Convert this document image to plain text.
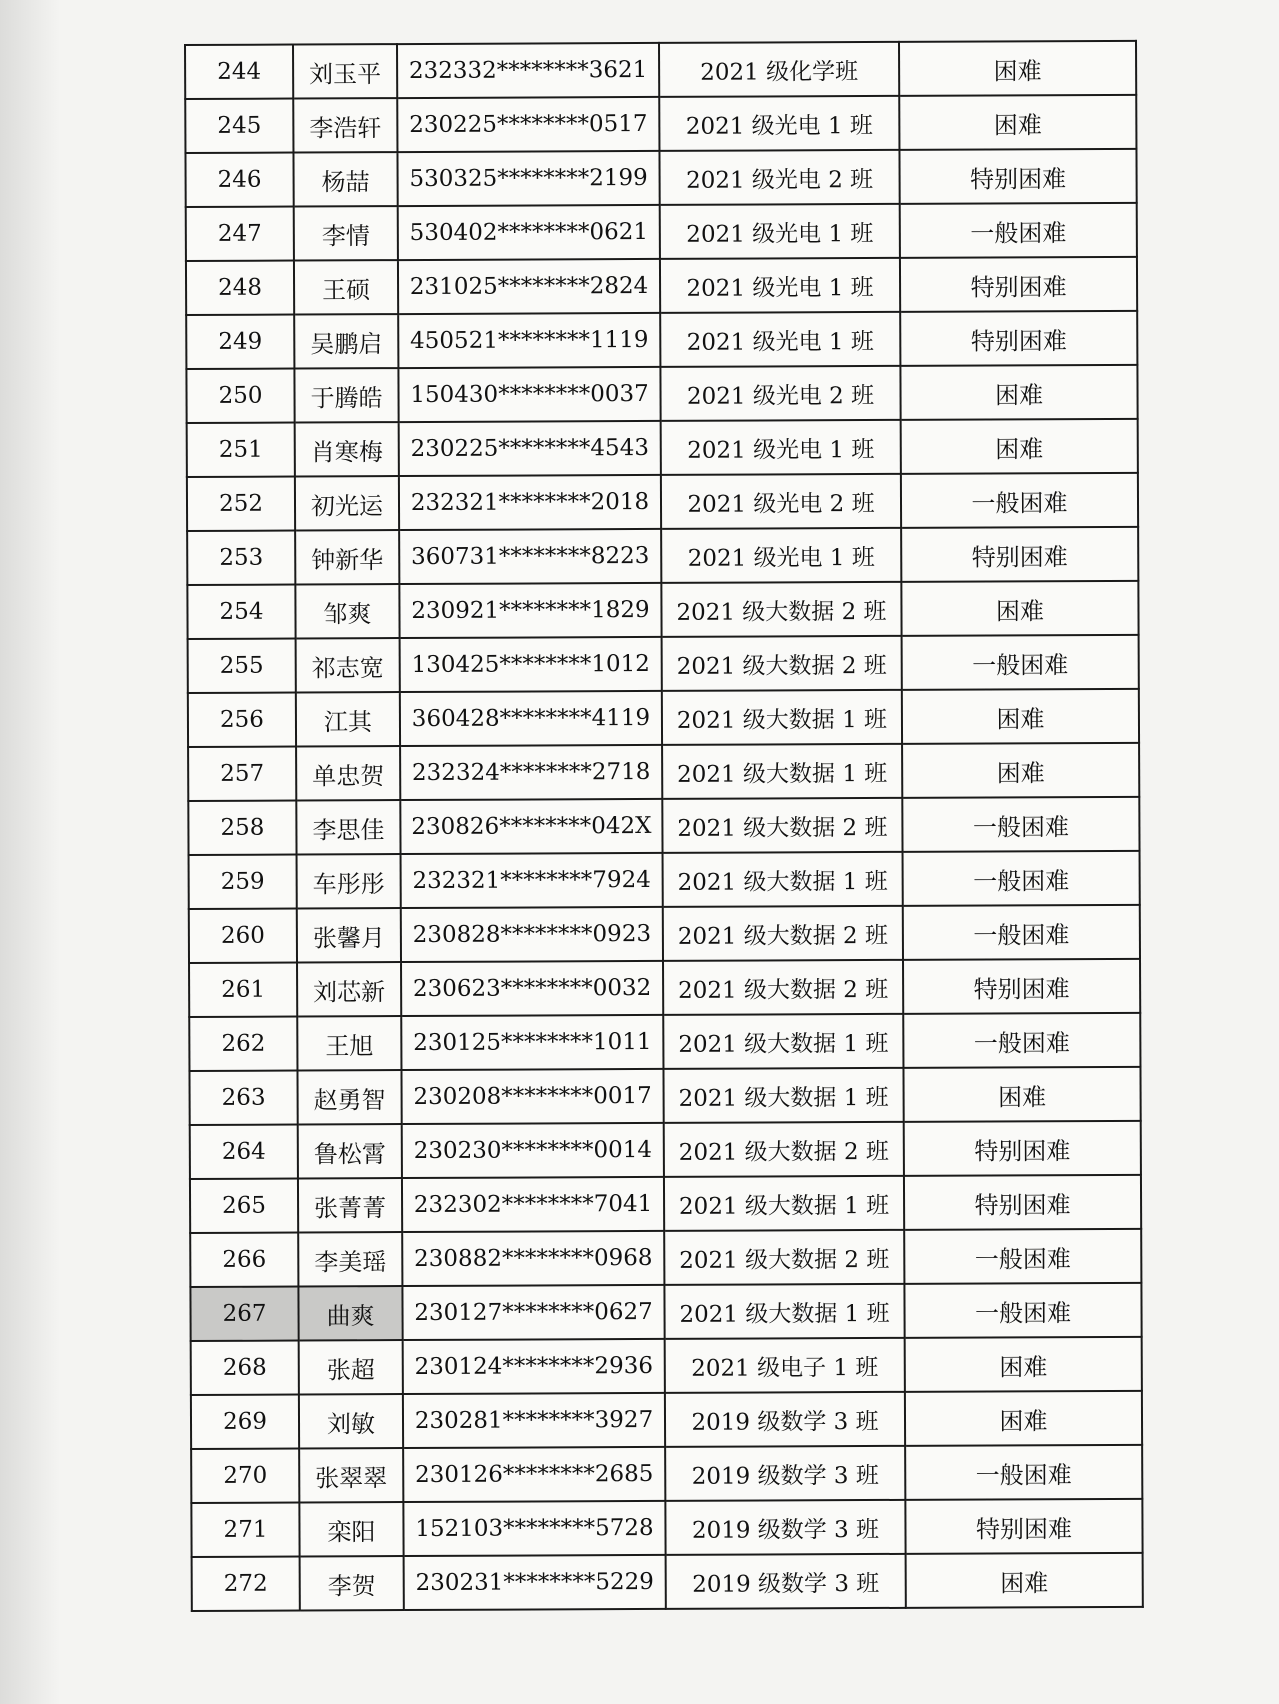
244	刘玉平	232332********3621	2021 级化学班	困难
245	李浩轩	230225********0517	2021 级光电 1 班	困难
246	杨喆	530325********2199	2021 级光电 2 班	特别困难
247	李情	530402********0621	2021 级光电 1 班	一般困难
248	王硕	231025********2824	2021 级光电 1 班	特别困难
249	吴鹏启	450521********1119	2021 级光电 1 班	特别困难
250	于腾皓	150430********0037	2021 级光电 2 班	困难
251	肖寒梅	230225********4543	2021 级光电 1 班	困难
252	初光运	232321********2018	2021 级光电 2 班	一般困难
253	钟新华	360731********8223	2021 级光电 1 班	特别困难
254	邹爽	230921********1829	2021 级大数据 2 班	困难
255	祁志宽	130425********1012	2021 级大数据 2 班	一般困难
256	江其	360428********4119	2021 级大数据 1 班	困难
257	单忠贺	232324********2718	2021 级大数据 1 班	困难
258	李思佳	230826********042X	2021 级大数据 2 班	一般困难
259	车彤彤	232321********7924	2021 级大数据 1 班	一般困难
260	张馨月	230828********0923	2021 级大数据 2 班	一般困难
261	刘芯新	230623********0032	2021 级大数据 2 班	特别困难
262	王旭	230125********1011	2021 级大数据 1 班	一般困难
263	赵勇智	230208********0017	2021 级大数据 1 班	困难
264	鲁松霄	230230********0014	2021 级大数据 2 班	特别困难
265	张菁菁	232302********7041	2021 级大数据 1 班	特别困难
266	李美瑶	230882********0968	2021 级大数据 2 班	一般困难
267	曲爽	230127********0627	2021 级大数据 1 班	一般困难
268	张超	230124********2936	2021 级电子 1 班	困难
269	刘敏	230281********3927	2019 级数学 3 班	困难
270	张翠翠	230126********2685	2019 级数学 3 班	一般困难
271	栾阳	152103********5728	2019 级数学 3 班	特别困难
272	李贺	230231********5229	2019 级数学 3 班	困难
